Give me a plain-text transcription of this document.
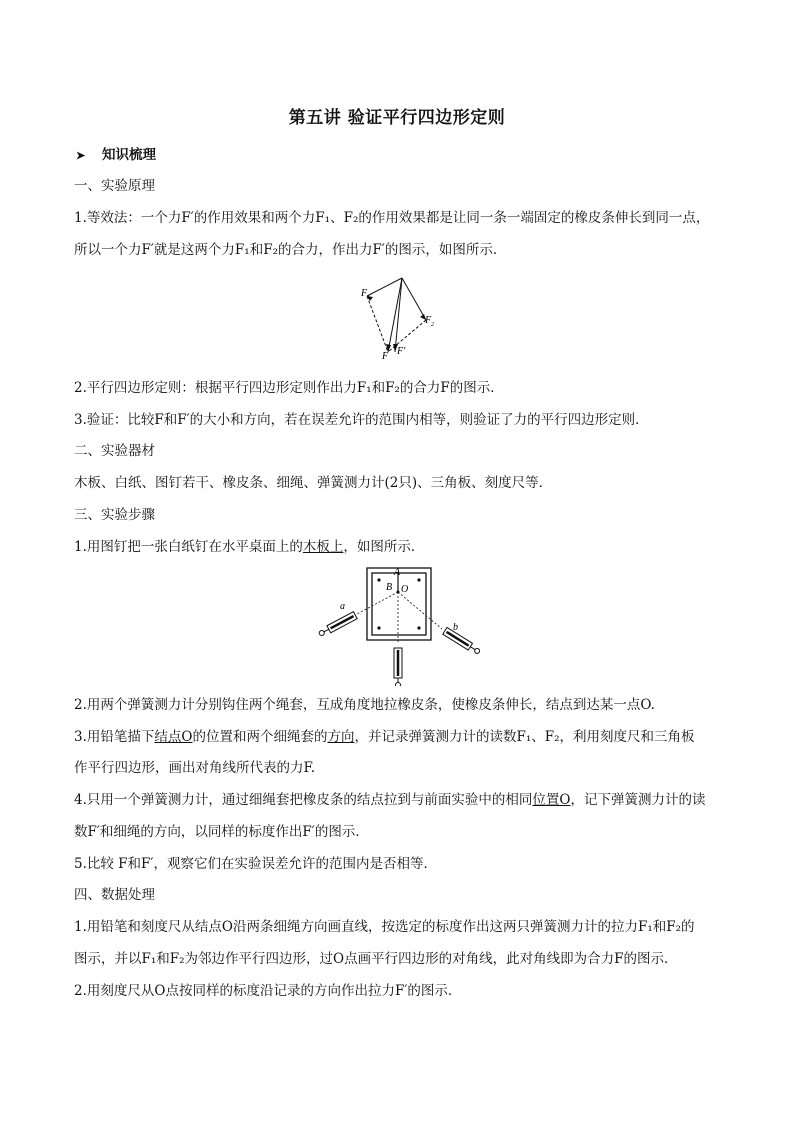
第五讲 验证平行四边形定则
➤ 知识梳理
一、实验原理
1.等效法：一个力F′的作用效果和两个力F₁、F₂的作用效果都是让同一条一端固定的橡皮条伸长到同一点，
所以一个力F′就是这两个力F₁和F₂的合力，作出力F′的图示，如图所示．
F 1
F 2
F F′
2.平行四边形定则：根据平行四边形定则作出力F₁和F₂的合力F的图示．
3.验证：比较F和F′的大小和方向，若在误差允许的范围内相等，则验证了力的平行四边形定则．
二、实验器材
木板、白纸、图钉若干、橡皮条、细绳、弹簧测力计(2只)、三角板、刻度尺等．
三、实验步骤
1.用图钉把一张白纸钉在水平桌面上的木板上，如图所示．
A
B O
a
b
2.用两个弹簧测力计分别钩住两个绳套，互成角度地拉橡皮条，使橡皮条伸长，结点到达某一点O.
3.用铅笔描下结点O的位置和两个细绳套的方向，并记录弹簧测力计的读数F₁、F₂，利用刻度尺和三角板
作平行四边形，画出对角线所代表的力F.
4.只用一个弹簧测力计，通过细绳套把橡皮条的结点拉到与前面实验中的相同位置O，记下弹簧测力计的读
数F′和细绳的方向，以同样的标度作出F′的图示．
5.比较 F和F′，观察它们在实验误差允许的范围内是否相等．
四、数据处理
1.用铅笔和刻度尺从结点O沿两条细绳方向画直线，按选定的标度作出这两只弹簧测力计的拉力F₁和F₂的
图示，并以F₁和F₂为邻边作平行四边形，过O点画平行四边形的对角线，此对角线即为合力F的图示．
2.用刻度尺从O点按同样的标度沿记录的方向作出拉力F′的图示．
